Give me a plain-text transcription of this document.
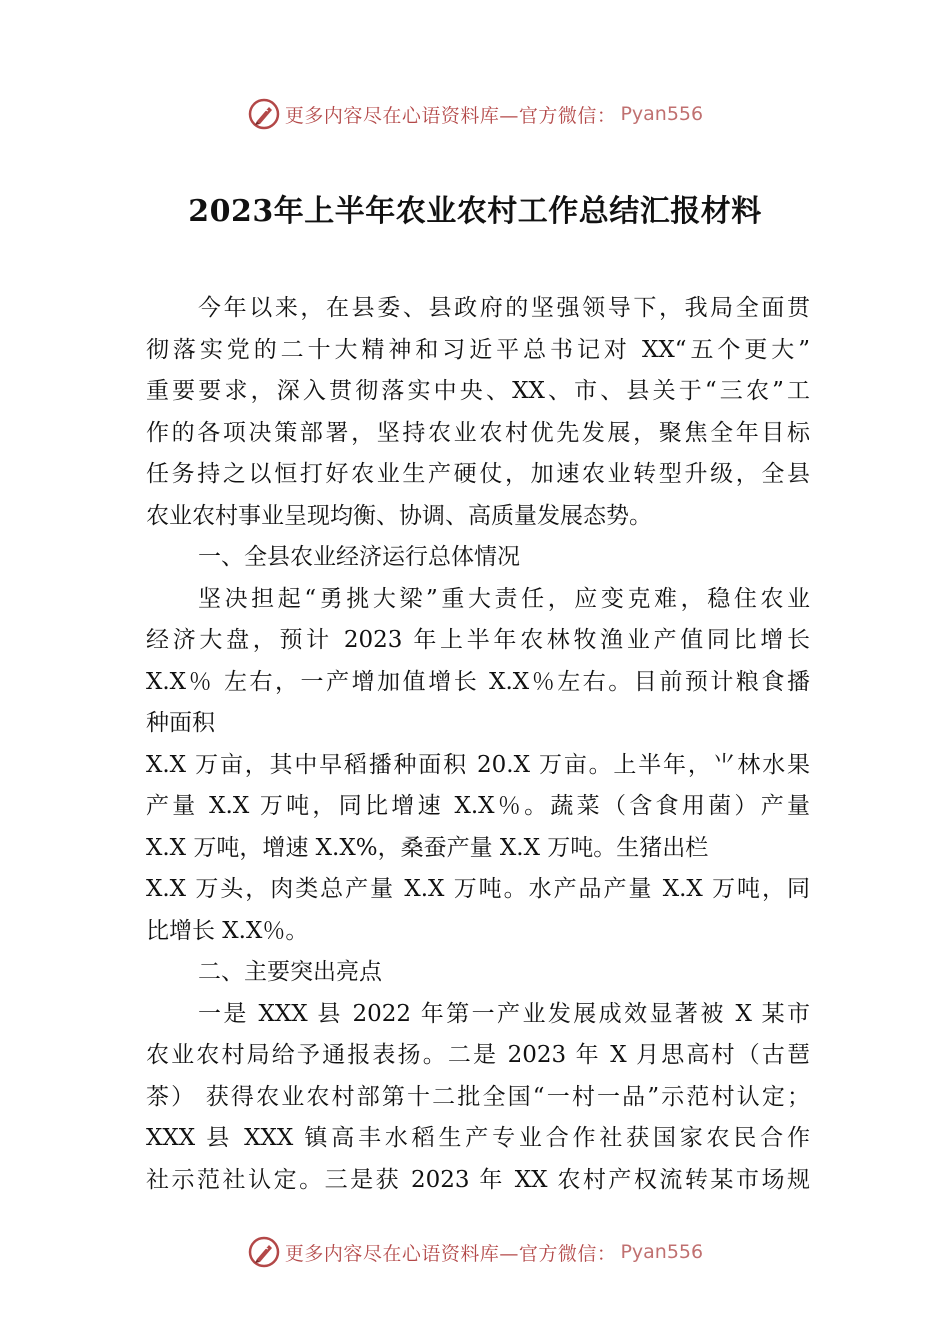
更多内容尽在心语资料库—官方微信： Pyan556
2023年上半年农业农村工作总结汇报材料
今年以来，在县委、县政府的坚强领导下，我局全面贯
彻落实党的二十大精神和习近平总书记对 XX“五个更大”
重要要求，深入贯彻落实中央、XX、市、县关于“三农”工
作的各项决策部署，坚持农业农村优先发展，聚焦全年目标
任务持之以恒打好农业生产硬仗，加速农业转型升级，全县
农业农村事业呈现均衡、协调、高质量发展态势。
一、全县农业经济运行总体情况
坚决担起“勇挑大梁”重大责任，应变克难，稳住农业
经济大盘，预计 2023 年上半年农林牧渔业产值同比增长
X.X％ 左右，一产增加值增长 X.X％左右。目前预计粮食播
种面积
X.X 万亩，其中早稻播种面积 20.X 万亩。上半年，⺌林水果
产量 X.X 万吨，同比增速 X.X％。蔬菜（含食用菌）产量
X.X 万吨，增速 X.X%，桑蚕产量 X.X 万吨。生猪出栏
X.X 万头，肉类总产量 X.X 万吨。水产品产量 X.X 万吨，同
比增长 X.X％。
二、主要突出亮点
一是 XXX 县 2022 年第一产业发展成效显著被 X 某市
农业农村局给予通报表扬。二是 2023 年 X 月思高村（古琶
茶） 获得农业农村部第十二批全国“一村一品”示范村认定；
XXX 县 XXX 镇高丰水稻生产专业合作社获国家农民合作
社示范社认定。三是获 2023 年 XX 农村产权流转某市场规
更多内容尽在心语资料库—官方微信： Pyan556
